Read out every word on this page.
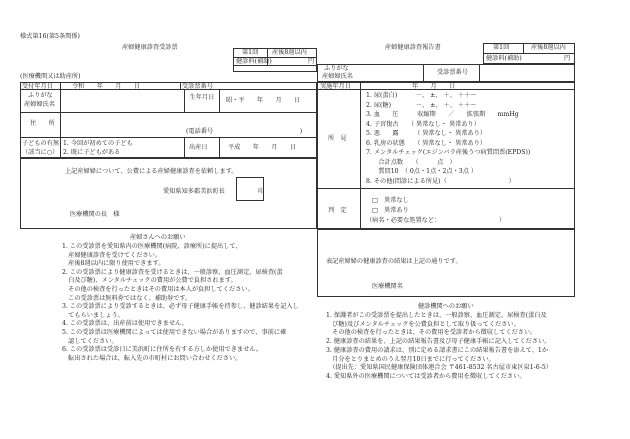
様式第16(第5条関係)
産婦健康診査受診票
第1回 産後8週以内
健診料(補助)	円
(医療機関又は助産所)
受付年月日	令和　　年　　月　　日	受診票番号
ふりがな
産婦婦氏名
生年月日 昭・平　　年　　月　　日
住　　所
(電話番号　　　　　　　　　　　　　　)
子どもの有無（該当に○）
1. 今回が初めての子ども
2. 既に子どもがある
出産日	平成　　年　　月　　日
上記産婦婦について、公費による産婦健康診査を依頼します。
愛知県知多郡美浜町長	印
医療機関の長　様
産婦さんへのお願い
1. この受診票を愛知県内の医療機関(病院、診療所)に提出して、
　産婦健康診査を受けてください。
　産後8週以内に限り使用できます。
2. この受診票により健康診査を受けるときは、一般診察、血圧測定、尿検査(蛋
　白及び糖)、メンタルチェックの費用が公費で負担されます。
　その他の検査を行ったときはその費用は本人が負担してください。
　この受診票は無料券ではなく、補助券です。
3. この受診票により受診するときは、必ず母子健康手帳を持参し、健診結果を記入し
　てもらいましょう。
4. この受診票は、出産前は使用できません。
5. この受診票は医療機関によっては使用できない場合がありますので、事前に確
　認してください。
6. この受診票は受診日に美浜町に住所を有する方しか使用できません。
　転出された場合は、転入先の市町村にお問い合わせください。
産婦健康診査報告書	第1回	産後8週以内
健診料(補助)	円
ふりがな
産婦婦氏名
受診票番号
実施年月日	年　　月　　日
所　見
1. 尿(蛋白)　　　－、 ±、 ＋、 ＋＋～
2. 尿(糖)　　　　－、 ±、 ＋、 ＋＋～
3. 血　　圧　　　収縮期　　／　　拡張期　　mmHg
4. 子宮復古　　（ 異常なし・ 異常あり）
5. 悪　　露　　　（ 異常なし・ 異常あり）
6. 乳房の状態　　（ 異常なし・ 異常あり）
7. メンタルチェック(エジンバラ産後うつ病質問票(EPDS))
　　合計点数　　（　　　点　）
　　質問10　（ 0点・1点・2点・3点 ）
8. その他(問診による所見)（　　　　　　　　　　）
判　定
□　異常なし
□　異常あり
（病名・必要な処置など：　　　　　　　　　　）
表記産婦婦の健康診査の結果は上記の通りです。
医療機関名
健診機関へのお願い
1. 保護者がこの受診票を提出したときは、一般診察、血圧測定、尿検査(蛋白及
　び糖)及びメンタルチェックを公費負担として取り扱ってください。
　その他の検査を行ったときは、その費用を受診者から徴収してください。
2. 健康診査の結果を、上記の結果報告書及び母子健康手帳に記入してください。
3. 健康診査の費用の請求は、別に定める請求書にこの結果報告書を添えて、1か
　月分をとりまとめのうえ翌月10日までに行ってください。
　（提出先：愛知県国民健康保険団体連合会 〒461-8532 名古屋市東区泉1-6-5）
4. 愛知県外の医療機関については受診者から費用を徴収してください。
